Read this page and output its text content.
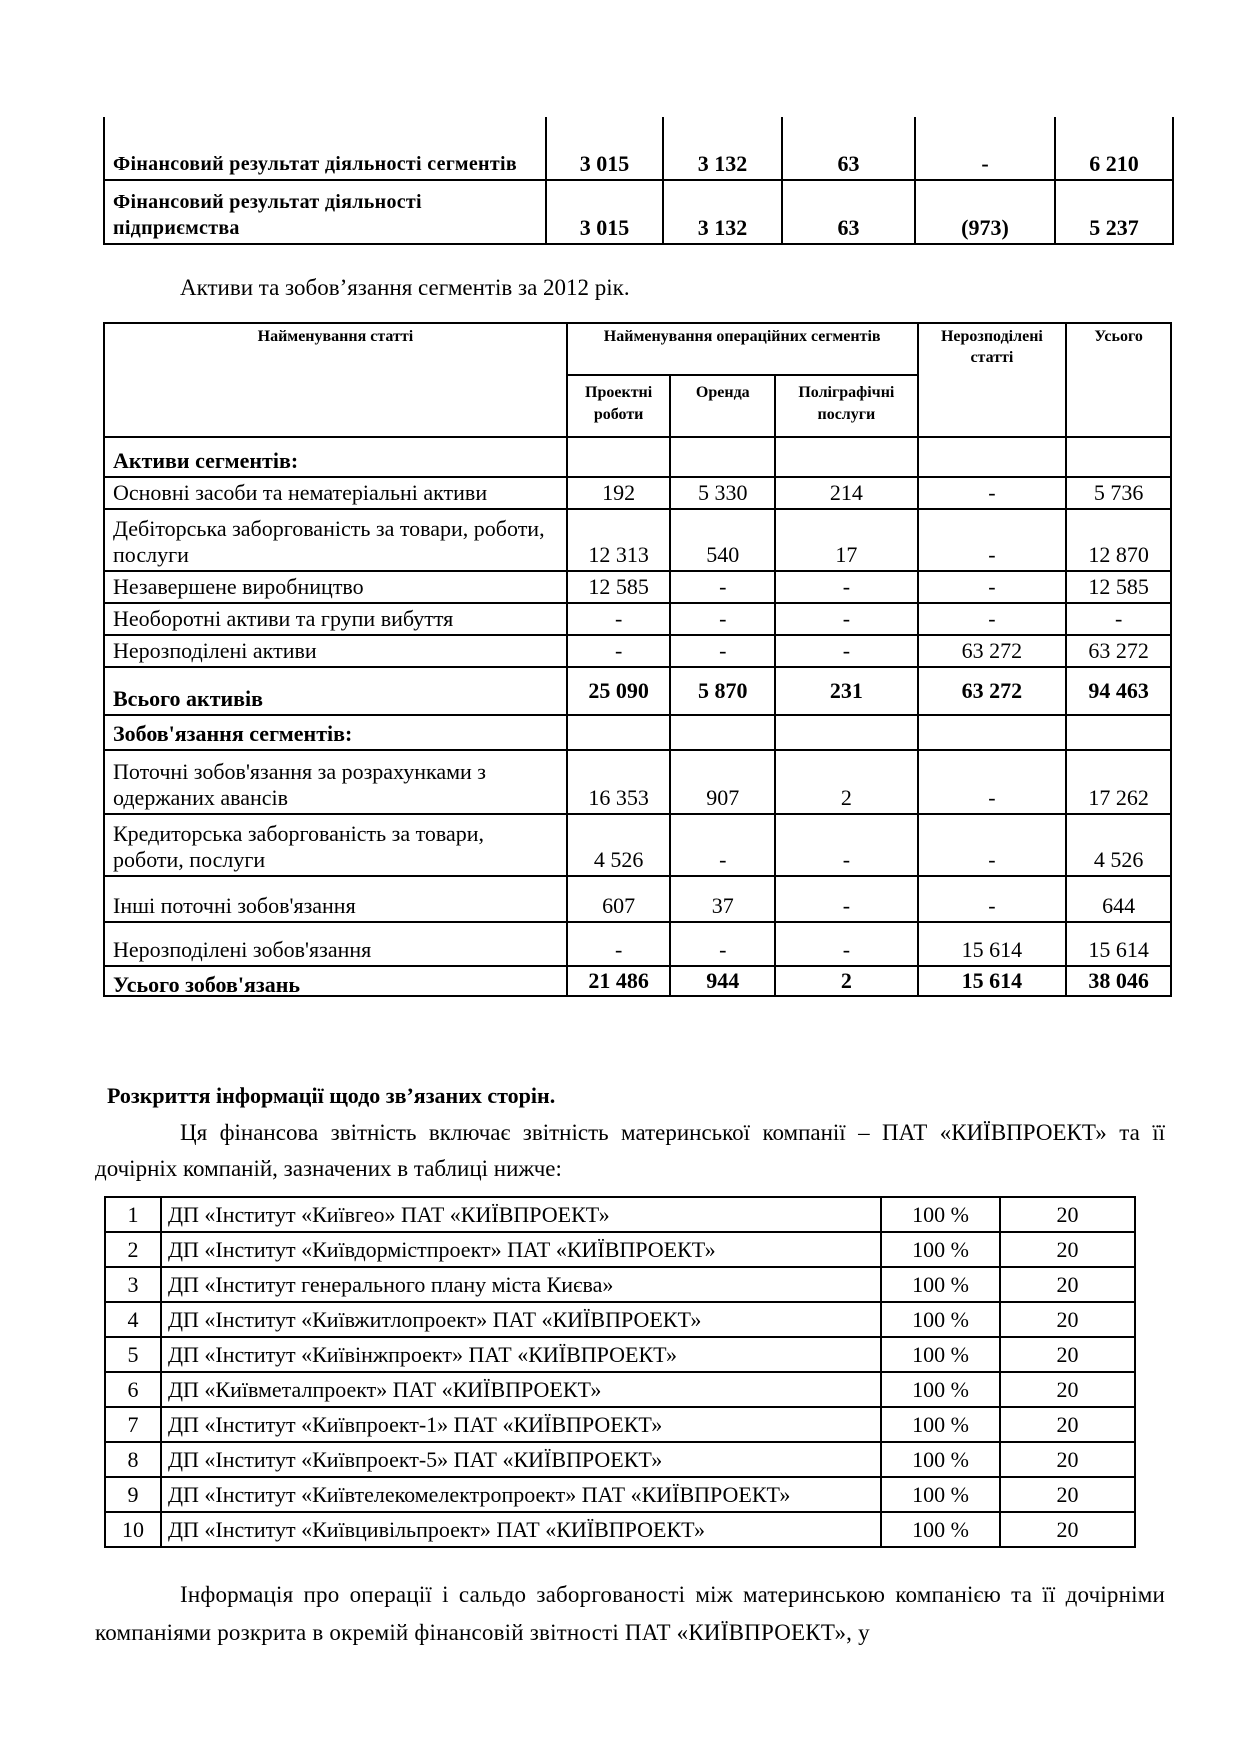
Фінансовий результат діяльності сегментів	3 015	3 132	63	-	6 210
Фінансовий результат діяльності підприємства	3 015	3 132	63	(973)	5 237
Активи та зобов’язання сегментів за 2012 рік.
Найменування статті	Найменування операційних сегментів			Нерозподілені статті	Усього
	Проектні роботи	Оренда	Поліграфічні послуги		
Активи сегментів:					
Основні засоби та нематеріальні активи	192	5 330	214	-	5 736
Дебіторська заборгованість за товари, роботи, послуги	12 313	540	17	-	12 870
Незавершене виробництво	12 585	-	-	-	12 585
Необоротні активи та групи вибуття	-	-	-	-	-
Нерозподілені активи	-	-	-	63 272	63 272
Всього активів	25 090	5 870	231	63 272	94 463
Зобов'язання сегментів:					
Поточні зобов'язання за розрахунками з одержаних авансів	16 353	907	2	-	17 262
Кредиторська заборгованість за товари, роботи, послуги	4 526	-	-	-	4 526
Інші поточні зобов'язання	607	37	-	-	644
Нерозподілені зобов'язання	-	-	-	15 614	15 614
Усього зобов'язань	21 486	944	2	15 614	38 046
Розкриття інформації щодо зв’язаних сторін.
Ця фінансова звітність включає звітність материнської компанії – ПАТ «КИЇВПРОЕКТ» та її дочірніх компаній, зазначених в таблиці нижче:
1	ДП «Інститут «Київгео» ПАТ «КИЇВПРОЕКТ»	100 %	20
2	ДП «Інститут «Київдормістпроект» ПАТ «КИЇВПРОЕКТ»	100 %	20
3	ДП «Інститут генерального плану міста Києва»	100 %	20
4	ДП «Інститут «Київжитлопроект» ПАТ «КИЇВПРОЕКТ»	100 %	20
5	ДП «Інститут «Київінжпроект» ПАТ «КИЇВПРОЕКТ»	100 %	20
6	ДП «Київметалпроект» ПАТ «КИЇВПРОЕКТ»	100 %	20
7	ДП «Інститут «Київпроект-1» ПАТ «КИЇВПРОЕКТ»	100 %	20
8	ДП «Інститут «Київпроект-5» ПАТ «КИЇВПРОЕКТ»	100 %	20
9	ДП «Інститут «Київтелекомелектропроект» ПАТ «КИЇВПРОЕКТ»	100 %	20
10	ДП «Інститут «Київцивільпроект» ПАТ «КИЇВПРОЕКТ»	100 %	20
Інформація про операції і сальдо заборгованості між материнською компанією та її дочірніми компаніями розкрита в окремій фінансовій звітності ПАТ «КИЇВПРОЕКТ», у
